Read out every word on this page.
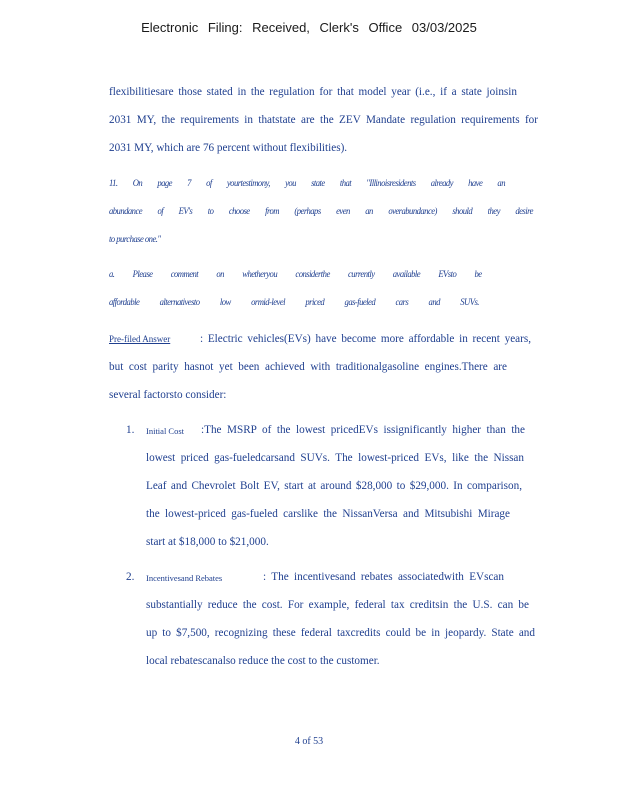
Electronic Filing: Received, Clerk's Office 03/03/2025
flexibilitiesare those stated in the regulation for that model year (i.e., if a state joinsin
2031 MY, the requirements in thatstate are the ZEV Mandate regulation requirements for
2031 MY, which are 76 percent without flexibilities).
11. On page 7 of yourtestimony, you state that "Illinoisresidents already have an
abundance of EV's to choose from (perhaps even an overabundance) should they desire
to purchase one."
a. Please comment on whetheryou considerthe currently available EVsto be
affordable alternativesto low ormid-level priced gas-fueled cars and SUVs.
Pre-filed Answer	: Electric vehicles(EVs) have become more affordable in recent years,
but cost parity hasnot yet been achieved with traditionalgasoline engines.There are
several factorsto consider:
1. Initial Cost	:The MSRP of the lowest pricedEVs issignificantly higher than the
lowest priced gas-fueledcarsand SUVs. The lowest-priced EVs, like the Nissan
Leaf and Chevrolet Bolt EV, start at around $28,000 to $29,000. In comparison,
the lowest-priced gas-fueled carslike the NissanVersa and Mitsubishi Mirage
start at $18,000 to $21,000.
2. Incentivesand Rebates	: The incentivesand rebates associatedwith EVscan
substantially reduce the cost. For example, federal tax creditsin the U.S. can be
up to $7,500, recognizing these federal taxcredits could be in jeopardy. State and
local rebatescanalso reduce the cost to the customer.
4 of 53
